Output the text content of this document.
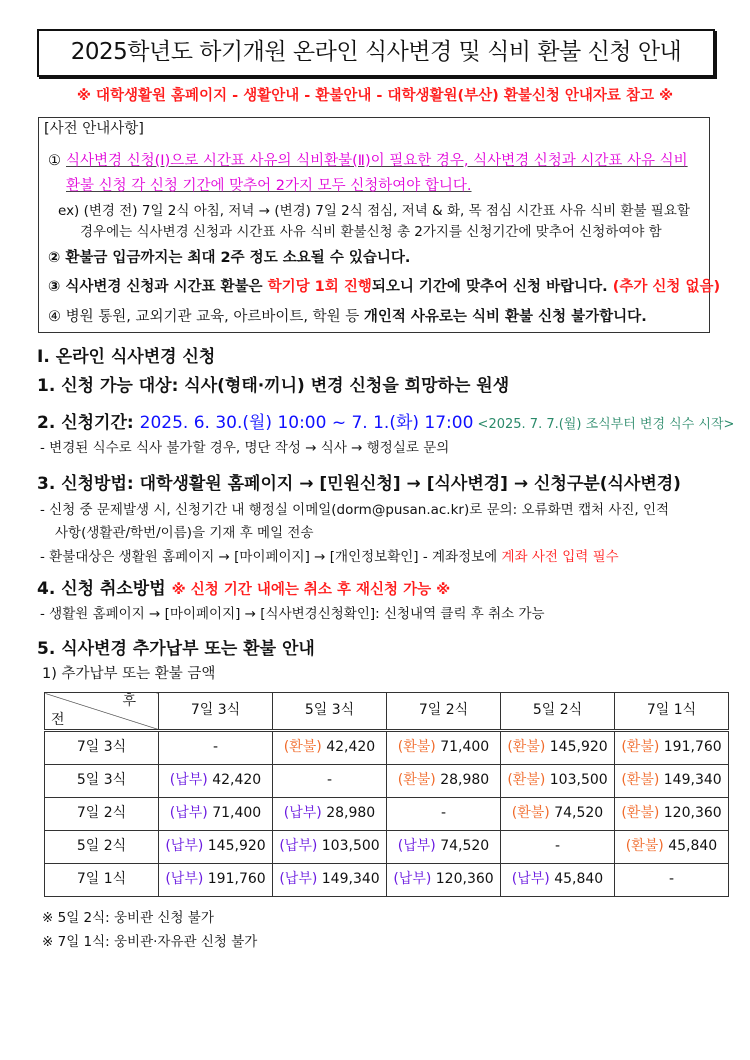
2025학년도 하기개원 온라인 식사변경 및 식비 환불 신청 안내
※ 대학생활원 홈페이지 - 생활안내 - 환불안내 - 대학생활원(부산) 환불신청 안내자료 참고 ※
[사전 안내사항]
① 식사변경 신청(Ⅰ)으로 시간표 사유의 식비환불(Ⅱ)이 필요한 경우, 식사변경 신청과 시간표 사유 식비
환불 신청 각 신청 기간에 맞추어 2가지 모두 신청하여야 합니다.
ex) (변경 전) 7일 2식 아침, 저녁 → (변경) 7일 2식 점심, 저녁 & 화, 목 점심 시간표 사유 식비 환불 필요할
경우에는 식사변경 신청과 시간표 사유 식비 환불신청 총 2가지를 신청기간에 맞추어 신청하여야 함
② 환불금 입금까지는 최대 2주 정도 소요될 수 있습니다.
③ 식사변경 신청과 시간표 환불은 학기당 1회 진행되오니 기간에 맞추어 신청 바랍니다. (추가 신청 없음)
④ 병원 통원, 교외기관 교육, 아르바이트, 학원 등 개인적 사유로는 식비 환불 신청 불가합니다.
Ⅰ. 온라인 식사변경 신청
1. 신청 가능 대상: 식사(형태·끼니) 변경 신청을 희망하는 원생
2. 신청기간: 2025. 6. 30.(월) 10:00 ~ 7. 1.(화) 17:00 <2025. 7. 7.(월) 조식부터 변경 식수 시작>
- 변경된 식수로 식사 불가할 경우, 명단 작성 → 식사 → 행정실로 문의
3. 신청방법: 대학생활원 홈페이지 → [민원신청] → [식사변경] → 신청구분(식사변경)
- 신청 중 문제발생 시, 신청기간 내 행정실 이메일(dorm@pusan.ac.kr)로 문의: 오류화면 캡처 사진, 인적
사항(생활관/학번/이름)을 기재 후 메일 전송
- 환불대상은 생활원 홈페이지 → [마이페이지] → [개인정보확인] - 계좌정보에 계좌 사전 입력 필수
4. 신청 취소방법 ※ 신청 기간 내에는 취소 후 재신청 가능 ※
- 생활원 홈페이지 → [마이페이지] → [식사변경신청확인]: 신청내역 클릭 후 취소 가능
5. 식사변경 추가납부 또는 환불 안내
1) 추가납부 또는 환불 금액
후
전	7일 3식	5일 3식	7일 2식	5일 2식	7일 1식
7일 3식	-	(환불) 42,420	(환불) 71,400	(환불) 145,920	(환불) 191,760
5일 3식	(납부) 42,420	-	(환불) 28,980	(환불) 103,500	(환불) 149,340
7일 2식	(납부) 71,400	(납부) 28,980	-	(환불) 74,520	(환불) 120,360
5일 2식	(납부) 145,920	(납부) 103,500	(납부) 74,520	-	(환불) 45,840
7일 1식	(납부) 191,760	(납부) 149,340	(납부) 120,360	(납부) 45,840	-
※ 5일 2식: 웅비관 신청 불가
※ 7일 1식: 웅비관·자유관 신청 불가
